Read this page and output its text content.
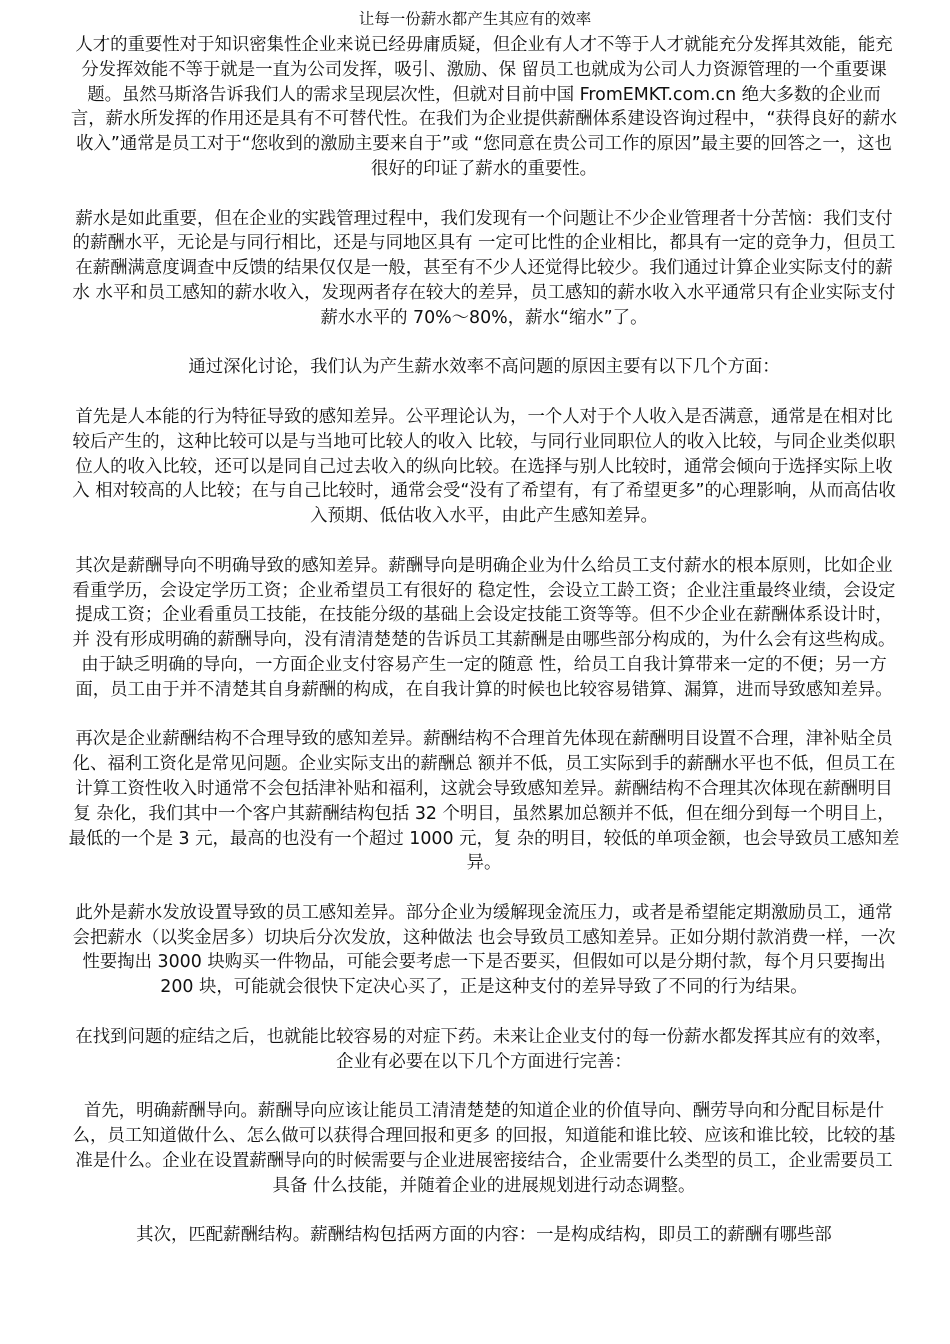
让每一份薪水都产生其应有的效率

人才的重要性对于知识密集性企业来说已经毋庸质疑，但企业有人才不等于人才就能充分发挥其效能，能充分发挥效能不等于就是一直为公司发挥，吸引、激励、保 留员工也就成为公司人力资源管理的一个重要课题。虽然马斯洛告诉我们人的需求呈现层次性，但就对目前中国 FromEMKT.com.cn 绝大多数的企业而 言，薪水所发挥的作用还是具有不可替代性。在我们为企业提供薪酬体系建设咨询过程中，“获得良好的薪水收入”通常是员工对于“您收到的激励主要来自于”或 “您同意在贵公司工作的原因”最主要的回答之一，这也很好的印证了薪水的重要性。

薪水是如此重要，但在企业的实践管理过程中，我们发现有一个问题让不少企业管理者十分苦恼：我们支付的薪酬水平，无论是与同行相比，还是与同地区具有 一定可比性的企业相比，都具有一定的竞争力，但员工在薪酬满意度调查中反馈的结果仅仅是一般，甚至有不少人还觉得比较少。我们通过计算企业实际支付的薪水 水平和员工感知的薪水收入，发现两者存在较大的差异，员工感知的薪水收入水平通常只有企业实际支付薪水水平的 70%～80%，薪水“缩水”了。

通过深化讨论，我们认为产生薪水效率不高问题的原因主要有以下几个方面：

首先是人本能的行为特征导致的感知差异。公平理论认为，一个人对于个人收入是否满意，通常是在相对比较后产生的，这种比较可以是与当地可比较人的收入 比较，与同行业同职位人的收入比较，与同企业类似职位人的收入比较，还可以是同自己过去收入的纵向比较。在选择与别人比较时，通常会倾向于选择实际上收入 相对较高的人比较；在与自己比较时，通常会受“没有了希望有，有了希望更多”的心理影响，从而高估收入预期、低估收入水平，由此产生感知差异。

其次是薪酬导向不明确导致的感知差异。薪酬导向是明确企业为什么给员工支付薪水的根本原则，比如企业看重学历，会设定学历工资；企业希望员工有很好的 稳定性，会设立工龄工资；企业注重最终业绩，会设定提成工资；企业看重员工技能，在技能分级的基础上会设定技能工资等等。但不少企业在薪酬体系设计时，并 没有形成明确的薪酬导向，没有清清楚楚的告诉员工其薪酬是由哪些部分构成的，为什么会有这些构成。由于缺乏明确的导向，一方面企业支付容易产生一定的随意 性，给员工自我计算带来一定的不便；另一方面，员工由于并不清楚其自身薪酬的构成，在自我计算的时候也比较容易错算、漏算，进而导致感知差异。

再次是企业薪酬结构不合理导致的感知差异。薪酬结构不合理首先体现在薪酬明目设置不合理，津补贴全员化、福利工资化是常见问题。企业实际支出的薪酬总 额并不低，员工实际到手的薪酬水平也不低，但员工在计算工资性收入时通常不会包括津补贴和福利，这就会导致感知差异。薪酬结构不合理其次体现在薪酬明目复 杂化，我们其中一个客户其薪酬结构包括 32 个明目，虽然累加总额并不低，但在细分到每一个明目上，最低的一个是 3 元，最高的也没有一个超过 1000 元，复 杂的明目，较低的单项金额，也会导致员工感知差异。

此外是薪水发放设置导致的员工感知差异。部分企业为缓解现金流压力，或者是希望能定期激励员工，通常会把薪水（以奖金居多）切块后分次发放，这种做法 也会导致员工感知差异。正如分期付款消费一样，一次性要掏出 3000 块购买一件物品，可能会要考虑一下是否要买，但假如可以是分期付款，每个月只要掏出 200 块，可能就会很快下定决心买了，正是这种支付的差异导致了不同的行为结果。

在找到问题的症结之后，也就能比较容易的对症下药。未来让企业支付的每一份薪水都发挥其应有的效率，企业有必要在以下几个方面进行完善：

首先，明确薪酬导向。薪酬导向应该让能员工清清楚楚的知道企业的价值导向、酬劳导向和分配目标是什么，员工知道做什么、怎么做可以获得合理回报和更多 的回报，知道能和谁比较、应该和谁比较，比较的基准是什么。企业在设置薪酬导向的时候需要与企业进展密接结合，企业需要什么类型的员工，企业需要员工具备 什么技能，并随着企业的进展规划进行动态调整。

其次，匹配薪酬结构。薪酬结构包括两方面的内容：一是构成结构，即员工的薪酬有哪些部
